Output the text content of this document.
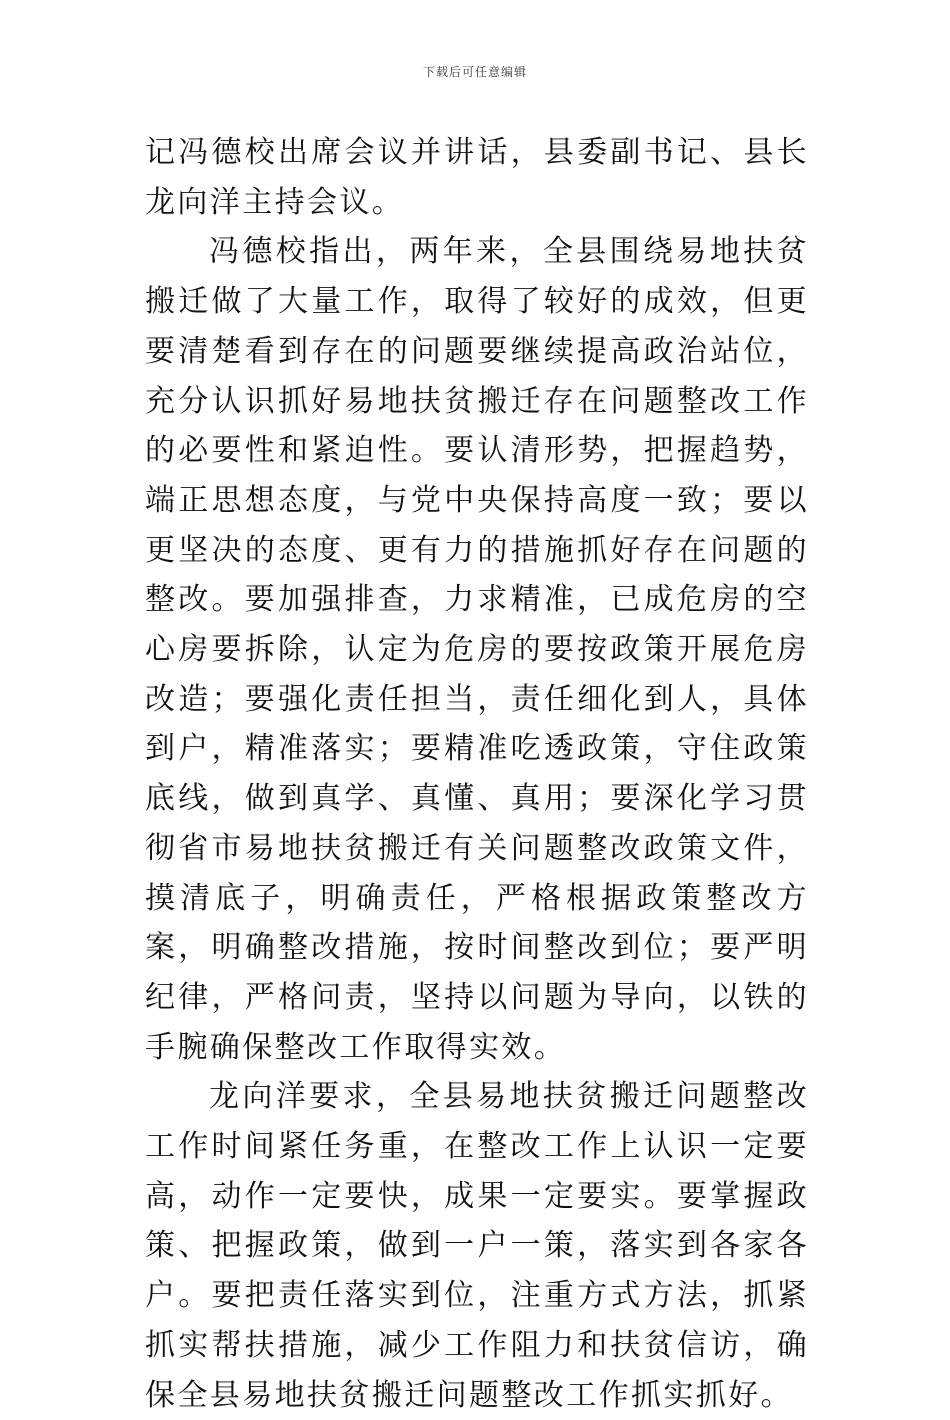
下载后可任意编辑

记冯德校出席会议并讲话，县委副书记、县长龙向洋主持会议。

冯德校指出，两年来，全县围绕易地扶贫搬迁做了大量工作，取得了较好的成效，但更要清楚看到存在的问题要继续提高政治站位，充分认识抓好易地扶贫搬迁存在问题整改工作的必要性和紧迫性。要认清形势，把握趋势，端正思想态度，与党中央保持高度一致；要以更坚决的态度、更有力的措施抓好存在问题的整改。要加强排查，力求精准，已成危房的空心房要拆除，认定为危房的要按政策开展危房改造；要强化责任担当，责任细化到人，具体到户，精准落实；要精准吃透政策，守住政策底线，做到真学、真懂、真用；要深化学习贯彻省市易地扶贫搬迁有关问题整改政策文件，摸清底子，明确责任，严格根据政策整改方案，明确整改措施，按时间整改到位；要严明纪律，严格问责，坚持以问题为导向，以铁的手腕确保整改工作取得实效。

龙向洋要求，全县易地扶贫搬迁问题整改工作时间紧任务重，在整改工作上认识一定要高，动作一定要快，成果一定要实。要掌握政策、把握政策，做到一户一策，落实到各家各户。要把责任落实到位，注重方式方法，抓紧抓实帮扶措施，减少工作阻力和扶贫信访，确保全县易地扶贫搬迁问题整改工作抓实抓好。
